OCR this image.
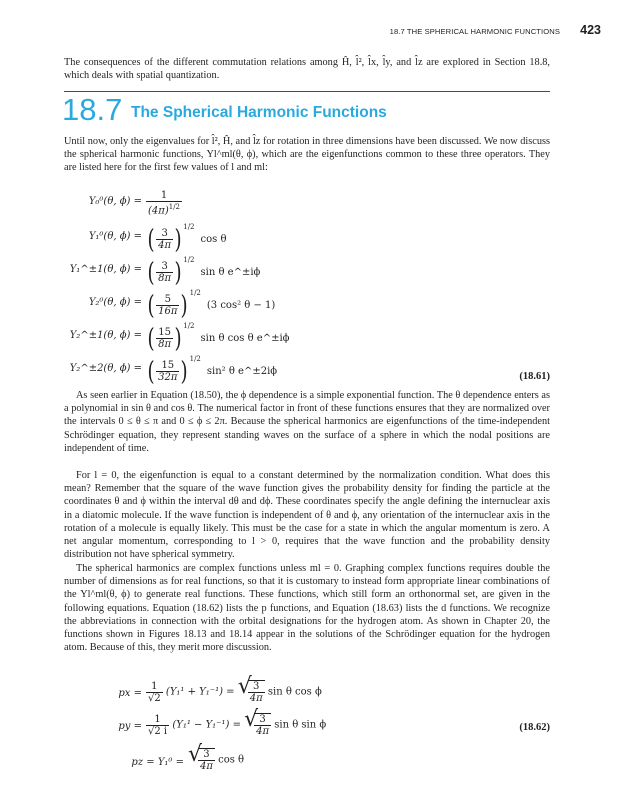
18.7 THE SPHERICAL HARMONIC FUNCTIONS 423

The consequences of the different commutation relations among Ĥ, l̂², l̂x, l̂y, and l̂z are explored in Section 18.8, which deals with spatial quantization.

18.7 The Spherical Harmonic Functions

Until now, only the eigenvalues for l̂², Ĥ, and l̂z for rotation in three dimensions have been discussed. We now discuss the spherical harmonic functions, Yl^ml(θ, ϕ), which are the eigenfunctions common to these three operators. They are listed here for the first few values of l and ml:

Y₀⁰(θ, $\phi) = \frac{1}{(4\pi)^{1/2}}$
Y₁⁰(θ, ϕ) = ( $\frac{3}{4\pi}$ ) $^{1/2}$cos θ
Y₁^±1(θ, ϕ) = ( $\frac{3}{8\pi}$ ) $^{1/2}$sin θ e^±iϕ
Y₂⁰(θ, ϕ) = ( $\frac{5}{16\pi}$ ) $^{1/2}$(3 cos² θ − 1)
Y₂^±1(θ, ϕ) = ( $\frac{15}{8\pi}$ ) $^{1/2}$sin θ cos θ e^±iϕ
Y₂^±2(θ, ϕ) = ( $\frac{15}{32\pi}$ ) $^{1/2}$sin² θ e^±2iϕ	(18.61)

As seen earlier in Equation (18.50), the ϕ dependence is a simple exponential function. The θ dependence enters as a polynomial in sin θ and cos θ. The numerical factor in front of these functions ensures that they are normalized over the intervals 0 ≤ θ ≤ π and 0 ≤ ϕ ≤ 2π. Because the spherical harmonics are eigenfunctions of the time-independent Schrödinger equation, they represent standing waves on the surface of a sphere in which the nodal positions are independent of time.

For l = 0, the eigenfunction is equal to a constant determined by the normalization condition. What does this mean? Remember that the square of the wave function gives the probability density for finding the particle at the coordinates θ and ϕ within the interval dθ and dϕ. These coordinates specify the angle defining the internuclear axis in a diatomic molecule. If the wave function is independent of θ and ϕ, any orientation of the internuclear axis in the rotation of a molecule is equally likely. This must be the case for a state in which the angular momentum is zero. A net angular momentum, corresponding to l > 0, requires that the wave function and the probability density distribution not have spherical symmetry.

The spherical harmonics are complex functions unless ml = 0. Graphing complex functions requires double the number of dimensions as for real functions, so that it is customary to instead form appropriate linear combinations of the Yl^ml(θ, ϕ) to generate real functions. These functions, which still form an orthonormal set, are given in the following equations. Equation (18.62) lists the p functions, and Equation (18.63) lists the d functions. We recognize the abbreviations in connection with the orbital designations for the hydrogen atom. As shown in Chapter 20, the functions shown in Figures 18.13 and 18.14 appear in the solutions of the Schrödinger equation for the hydrogen atom. Because of this, they merit more discussion.

px = $\frac{1}{√2} (Y_1^1 + Y_1^{-1})$ = √
$\frac{3}{4\pi}$ sin θ cos ϕ
py = $\frac{1}{√2 i} (Y_1^1 - Y_1^{-1})$ = √
$\frac{3}{4\pi}$ sin θ sin ϕ	(18.62)
pz = Y₁⁰ = √
$\frac{3}{4\pi}$ cos θ
